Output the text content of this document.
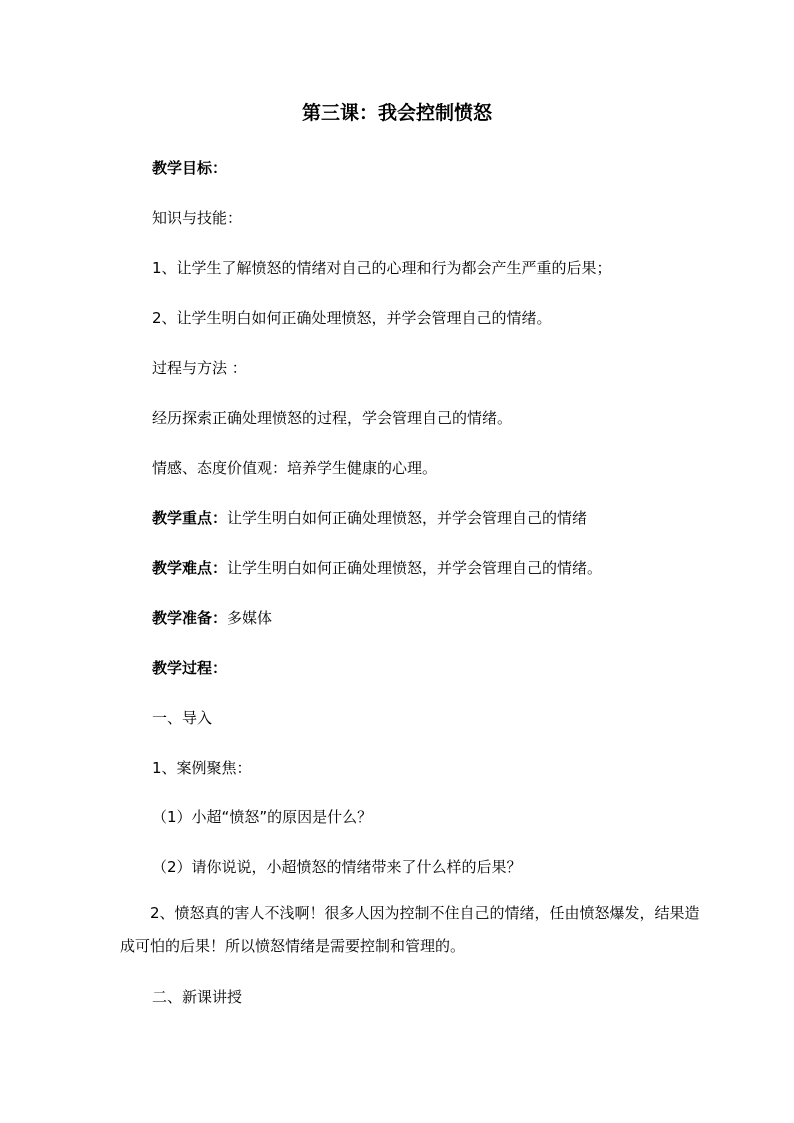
第三课：我会控制愤怒
教学目标：
知识与技能：
1、让学生了解愤怒的情绪对自己的心理和行为都会产生严重的后果；
2、让学生明白如何正确处理愤怒，并学会管理自己的情绪。
过程与方法 ：
经历探索正确处理愤怒的过程，学会管理自己的情绪。
情感、态度价值观：培养学生健康的心理。
教学重点：让学生明白如何正确处理愤怒，并学会管理自己的情绪
教学难点：让学生明白如何正确处理愤怒，并学会管理自己的情绪。
教学准备：多媒体
教学过程：
一、导入
1、案例聚焦：
（1）小超“愤怒”的原因是什么？
（2）请你说说，小超愤怒的情绪带来了什么样的后果？
2、愤怒真的害人不浅啊！很多人因为控制不住自己的情绪，任由愤怒爆发，结果造成可怕的后果！所以愤怒情绪是需要控制和管理的。
二、新课讲授
